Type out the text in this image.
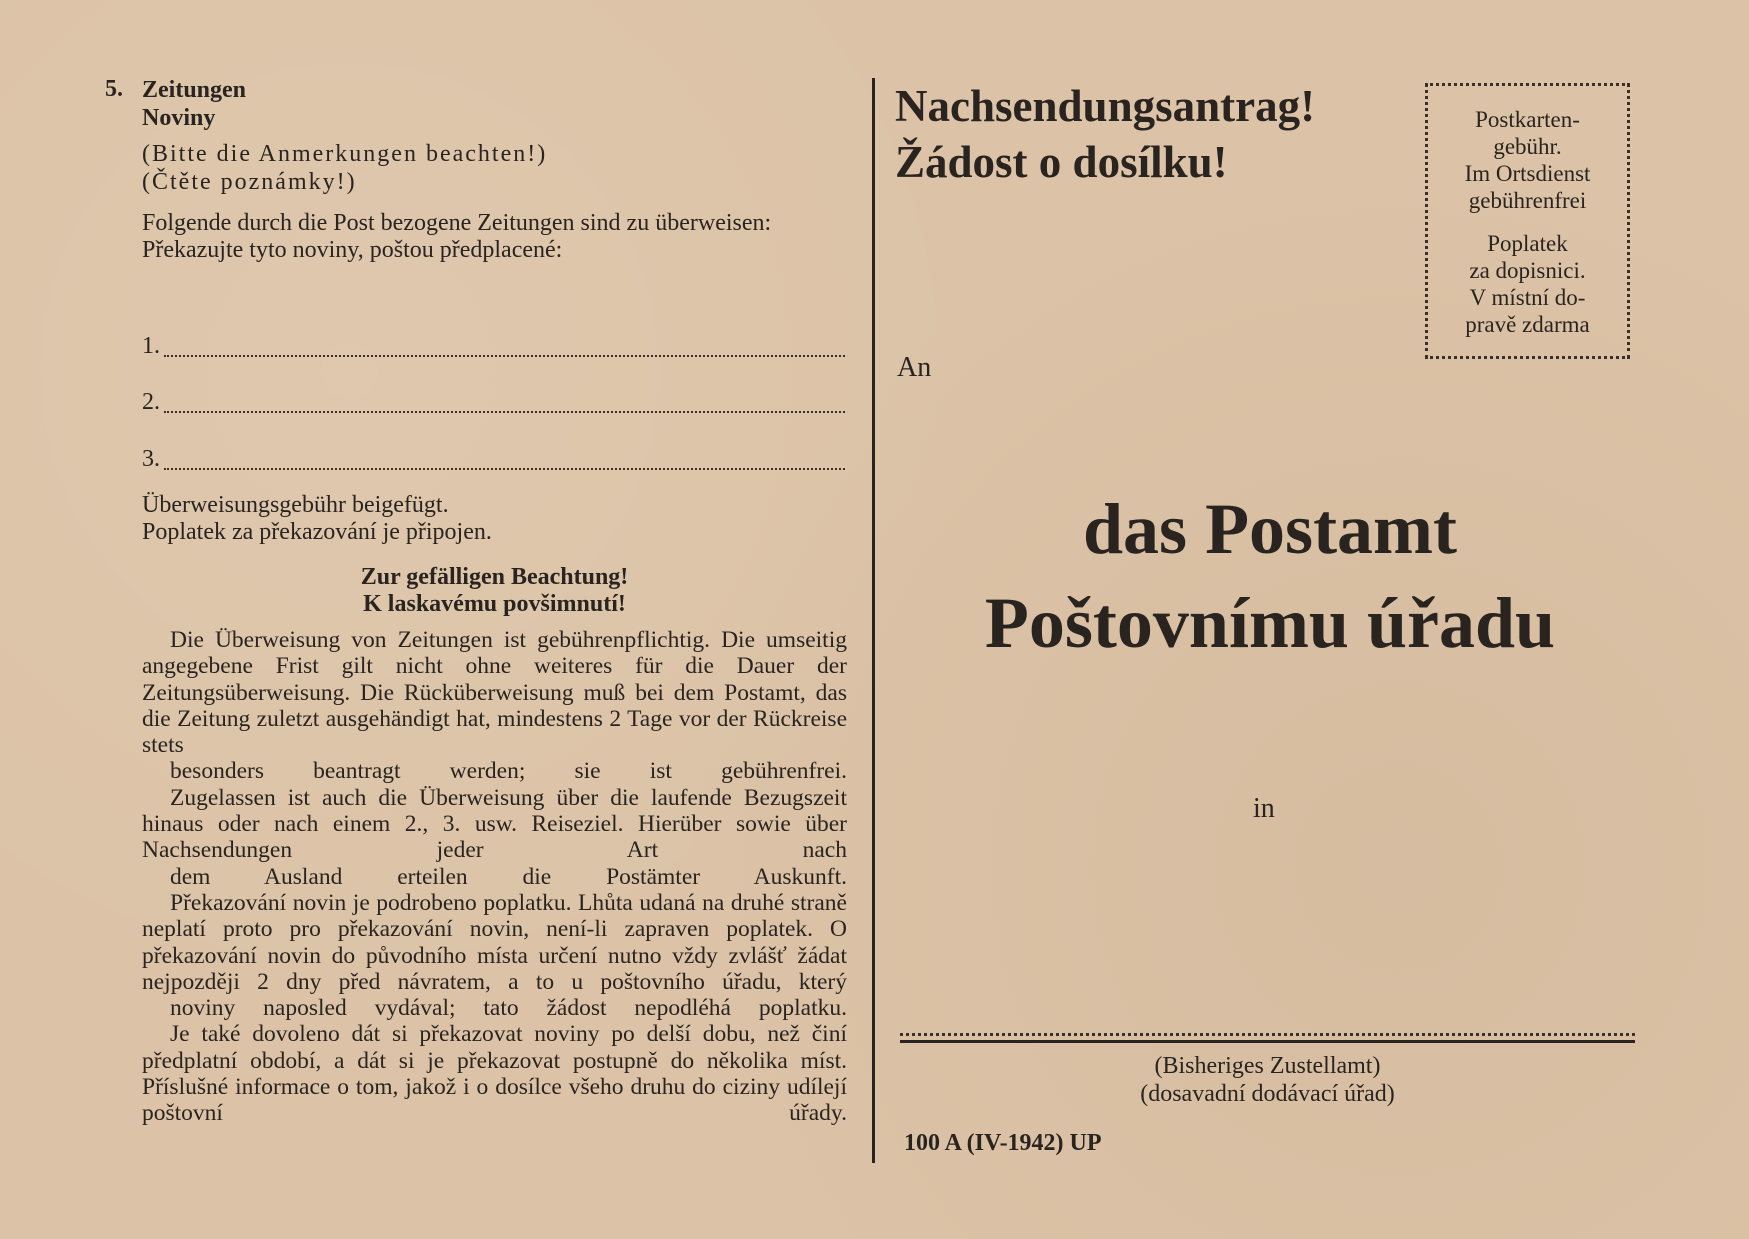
5. Zeitungen
Noviny
(Bitte die Anmerkungen beachten!)
(Čtěte poznámky!)
Folgende durch die Post bezogene Zeitungen sind zu überweisen:
Překazujte tyto noviny, poštou předplacené:
1.
2.
3.
Überweisungsgebühr beigefügt.
Poplatek za překazování je připojen.
Zur gefälligen Beachtung!
K laskavému povšimnutí!

Die Überweisung von Zeitungen ist gebührenpflichtig. Die umseitig angegebene Frist gilt nicht ohne weiteres für die Dauer der Zeitungsüberweisung. Die Rücküberweisung muß bei dem Postamt, das die Zeitung zuletzt ausgehändigt hat, mindestens 2 Tage vor der Rückreise stets
besonders beantragt werden; sie ist gebührenfrei.

Zugelassen ist auch die Überweisung über die laufende Bezugszeit hinaus oder nach einem 2., 3. usw. Reiseziel. Hierüber sowie über Nachsendungen jeder Art nach
dem Ausland erteilen die Postämter Auskunft.

Překazování novin je podrobeno poplatku. Lhůta udaná na druhé straně neplatí proto pro překazování novin, není-li zapraven poplatek. O překazování novin do původního místa určení nutno vždy zvlášť žádat nejpozději 2 dny před návratem, a to u poštovního úřadu, který
noviny naposled vydával; tato žádost nepodléhá poplatku.

Je také dovoleno dát si překazovat noviny po delší dobu, než činí předplatní období, a dát si je překazovat postupně do několika míst. Příslušné informace o tom, jakož i o dosílce všeho druhu do ciziny udílejí poštovní úřady.

Nachsendungsantrag!
Žádost o dosílku!
Postkarten-
gebühr.
Im Ortsdienst
gebührenfrei
Poplatek
za dopisnici.
V místní do-
pravě zdarma
An
das Postamt
Poštovnímu úřadu
in
(Bisheriges Zustellamt)
(dosavadní dodávací úřad)
100 A (IV-1942) UP
